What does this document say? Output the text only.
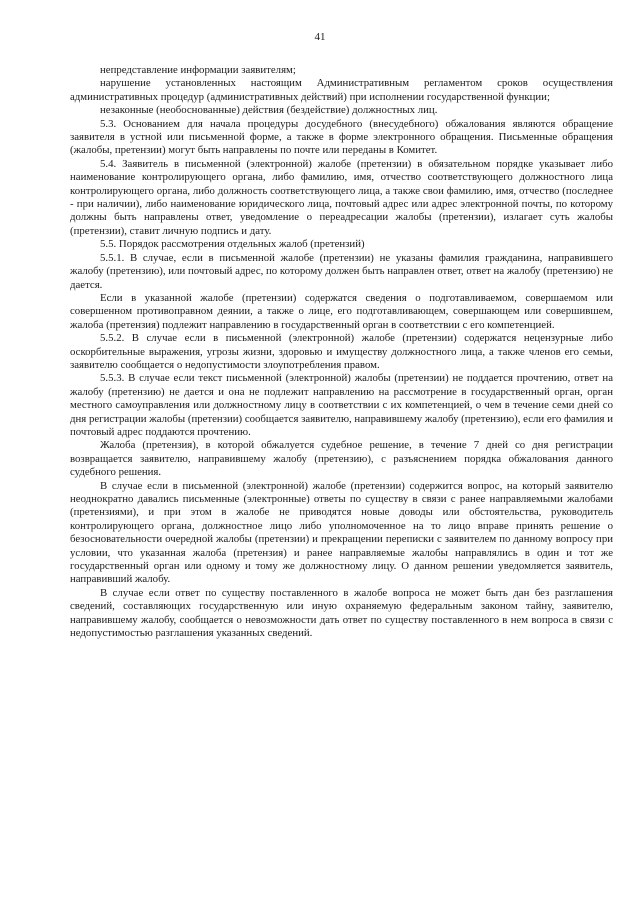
41

непредставление информации заявителям;

нарушение установленных настоящим Административным регламентом сроков осуществления административных процедур (административных действий) при исполнении государственной функции;

незаконные (необоснованные) действия (бездействие) должностных лиц.

5.3. Основанием для начала процедуры досудебного (внесудебного) обжалования являются обращение заявителя в устной или письменной форме, а также в форме электронного обращения. Письменные обращения (жалобы, претензии) могут быть направлены по почте или переданы в Комитет.

5.4. Заявитель в письменной (электронной) жалобе (претензии) в обязательном порядке указывает либо наименование контролирующего органа, либо фамилию, имя, отчество соответствующего должностного лица контролирующего органа, либо должность соответствующего лица, а также свои фамилию, имя, отчество (последнее - при наличии), либо наименование юридического лица, почтовый адрес или адрес электронной почты, по которому должны быть направлены ответ, уведомление о переадресации жалобы (претензии), излагает суть жалобы (претензии), ставит личную подпись и дату.

5.5. Порядок рассмотрения отдельных жалоб (претензий)

5.5.1. В случае, если в письменной жалобе (претензии) не указаны фамилия гражданина, направившего жалобу (претензию), или почтовый адрес, по которому должен быть направлен ответ, ответ на жалобу (претензию) не дается.

Если в указанной жалобе (претензии) содержатся сведения о подготавливаемом, совершаемом или совершенном противоправном деянии, а также о лице, его подготавливающем, совершающем или совершившем, жалоба (претензия) подлежит направлению в государственный орган в соответствии с его компетенцией.

5.5.2. В случае если в письменной (электронной) жалобе (претензии) содержатся нецензурные либо оскорбительные выражения, угрозы жизни, здоровью и имуществу должностного лица, а также членов его семьи, заявителю сообщается о недопустимости злоупотребления правом.

5.5.3. В случае если текст письменной (электронной) жалобы (претензии) не поддается прочтению, ответ на жалобу (претензию) не дается и она не подлежит направлению на рассмотрение в государственный орган, орган местного самоуправления или должностному лицу в соответствии с их компетенцией, о чем в течение семи дней со дня регистрации жалобы (претензии) сообщается заявителю, направившему жалобу (претензию), если его фамилия и почтовый адрес поддаются прочтению.

Жалоба (претензия), в которой обжалуется судебное решение, в течение 7 дней со дня регистрации возвращается заявителю, направившему жалобу (претензию), с разъяснением порядка обжалования данного судебного решения.

В случае если в письменной (электронной) жалобе (претензии) содержится вопрос, на который заявителю неоднократно давались письменные (электронные) ответы по существу в связи с ранее направляемыми жалобами (претензиями), и при этом в жалобе не приводятся новые доводы или обстоятельства, руководитель контролирующего органа, должностное лицо либо уполномоченное на то лицо вправе принять решение о безосновательности очередной жалобы (претензии) и прекращении переписки с заявителем по данному вопросу при условии, что указанная жалоба (претензия) и ранее направляемые жалобы направлялись в один и тот же государственный орган или одному и тому же должностному лицу. О данном решении уведомляется заявитель, направивший жалобу.

В случае если ответ по существу поставленного в жалобе вопроса не может быть дан без разглашения сведений, составляющих государственную или иную охраняемую федеральным законом тайну, заявителю, направившему жалобу, сообщается о невозможности дать ответ по существу поставленного в нем вопроса в связи с недопустимостью разглашения указанных сведений.
